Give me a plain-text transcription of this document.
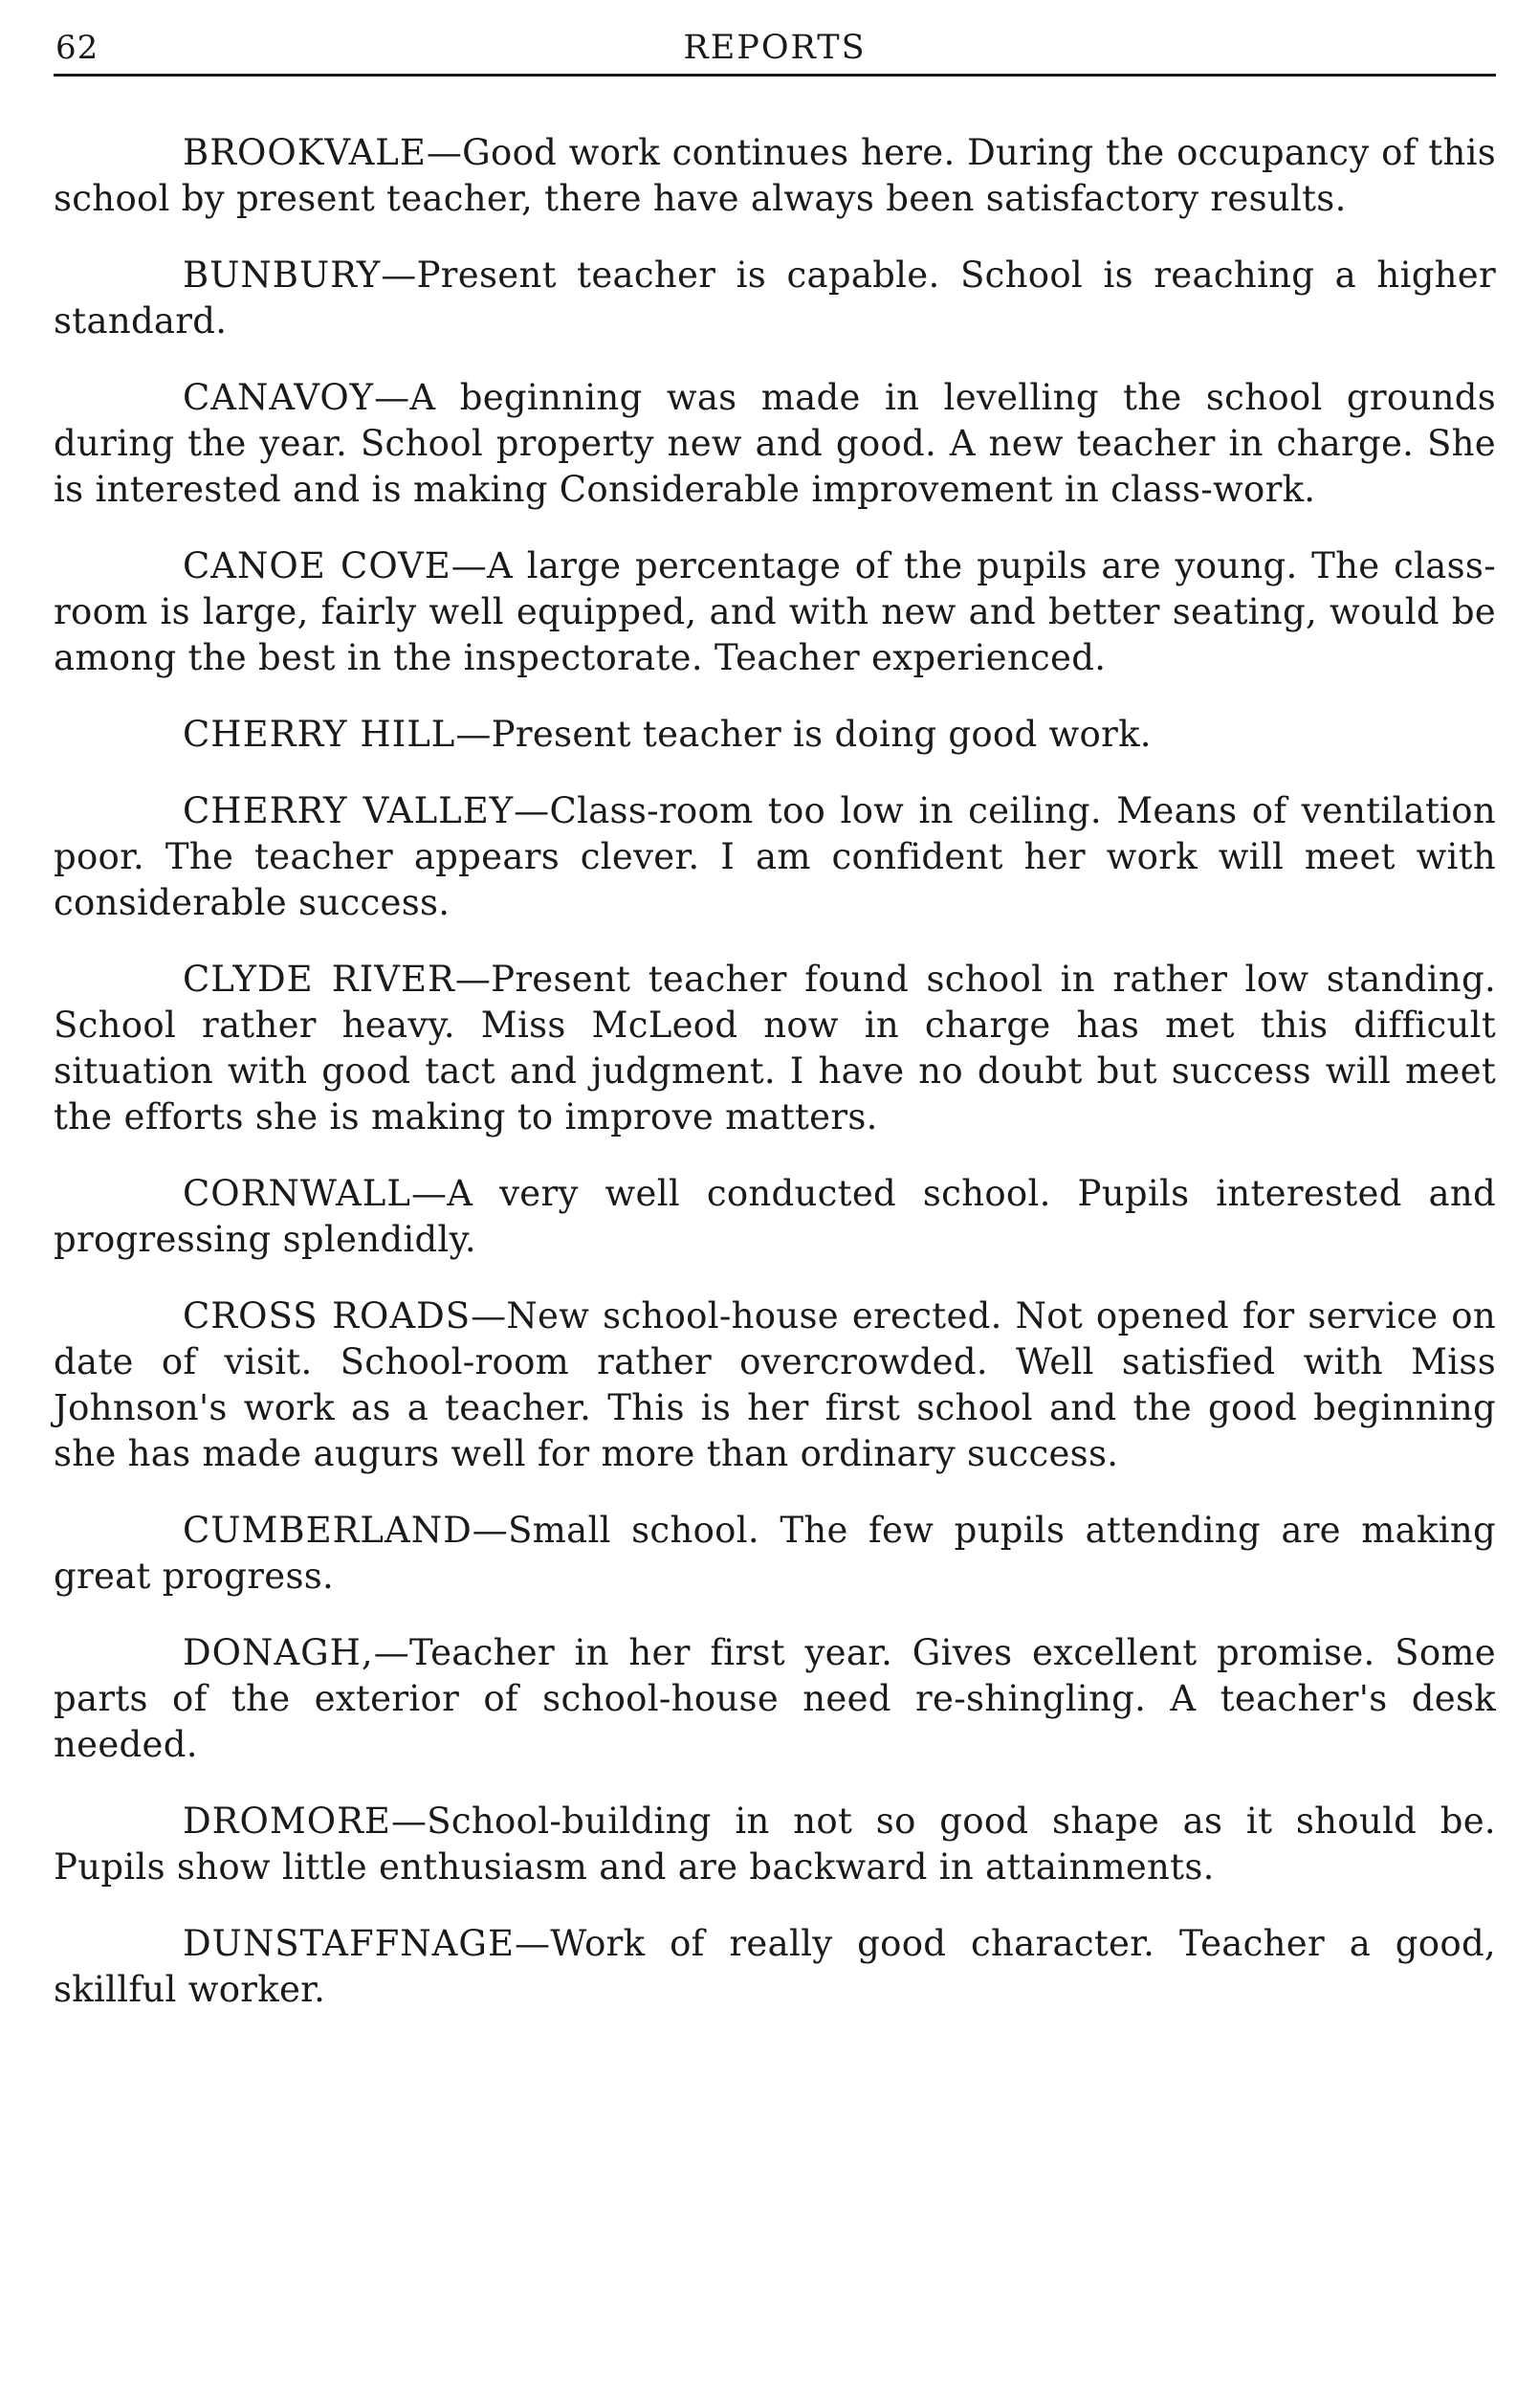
62	REPORTS

BROOKVALE—Good work continues here. During the occupancy of this school by present teacher, there have always been satisfactory results.

BUNBURY—Present teacher is capable. School is reaching a higher standard.

CANAVOY—A beginning was made in levelling the school grounds during the year. School property new and good. A new teacher in charge. She is interested and is making Considerable improvement in class-work.

CANOE COVE—A large percentage of the pupils are young. The class-room is large, fairly well equipped, and with new and better seating, would be among the best in the inspectorate. Teacher experienced.

CHERRY HILL—Present teacher is doing good work.

CHERRY VALLEY—Class-room too low in ceiling. Means of ventilation poor. The teacher appears clever. I am confident her work will meet with considerable success.

CLYDE RIVER—Present teacher found school in rather low standing. School rather heavy. Miss McLeod now in charge has met this difficult situation with good tact and judgment. I have no doubt but success will meet the efforts she is making to improve matters.

CORNWALL—A very well conducted school. Pupils interested and progressing splendidly.

CROSS ROADS—New school-house erected. Not opened for service on date of visit. School-room rather overcrowded. Well satisfied with Miss Johnson's work as a teacher. This is her first school and the good beginning she has made augurs well for more than ordinary success.

CUMBERLAND—Small school. The few pupils attending are making great progress.

DONAGH,—Teacher in her first year. Gives excellent promise. Some parts of the exterior of school-house need re-shingling. A teacher's desk needed.

DROMORE—School-building in not so good shape as it should be. Pupils show little enthusiasm and are backward in attainments.

DUNSTAFFNAGE—Work of really good character. Teacher a good, skillful worker.
